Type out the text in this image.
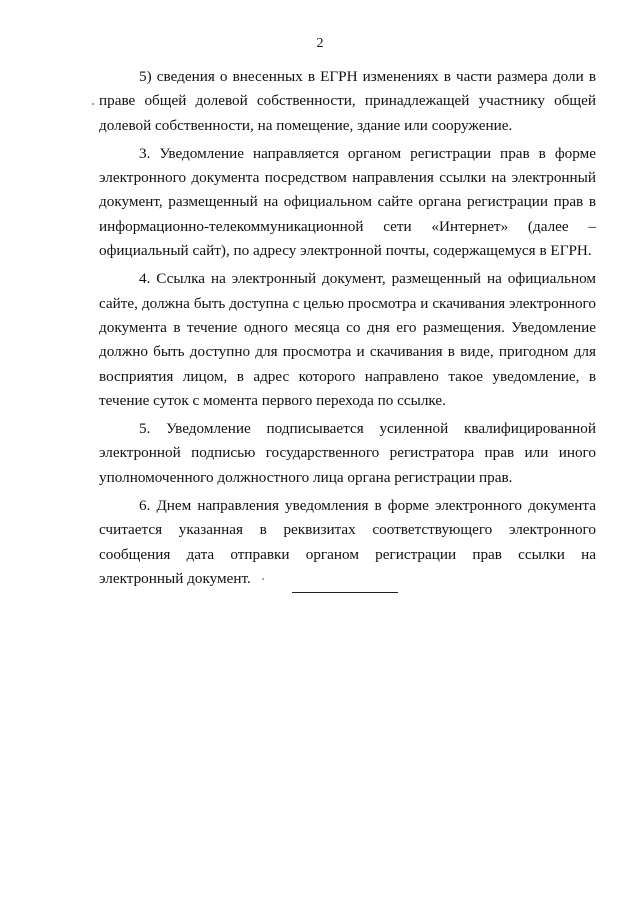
2

5) сведения о внесенных в ЕГРН изменениях в части размера доли в праве общей долевой собственности, принадлежащей участнику общей долевой собственности, на помещение, здание или сооружение.

3. Уведомление направляется органом регистрации прав в форме электронного документа посредством направления ссылки на электронный документ, размещенный на официальном сайте органа регистрации прав в информационно-телекоммуникационной сети «Интернет» (далее – официальный сайт), по адресу электронной почты, содержащемуся в ЕГРН.

4. Ссылка на электронный документ, размещенный на официальном сайте, должна быть доступна с целью просмотра и скачивания электронного документа в течение одного месяца со дня его размещения. Уведомление должно быть доступно для просмотра и скачивания в виде, пригодном для восприятия лицом, в адрес которого направлено такое уведомление, в течение суток с момента первого перехода по ссылке.

5. Уведомление подписывается усиленной квалифицированной электронной подписью государственного регистратора прав или иного уполномоченного должностного лица органа регистрации прав.

6. Днем направления уведомления в форме электронного документа считается указанная в реквизитах соответствующего электронного сообщения дата отправки органом регистрации прав ссылки на электронный документ.
